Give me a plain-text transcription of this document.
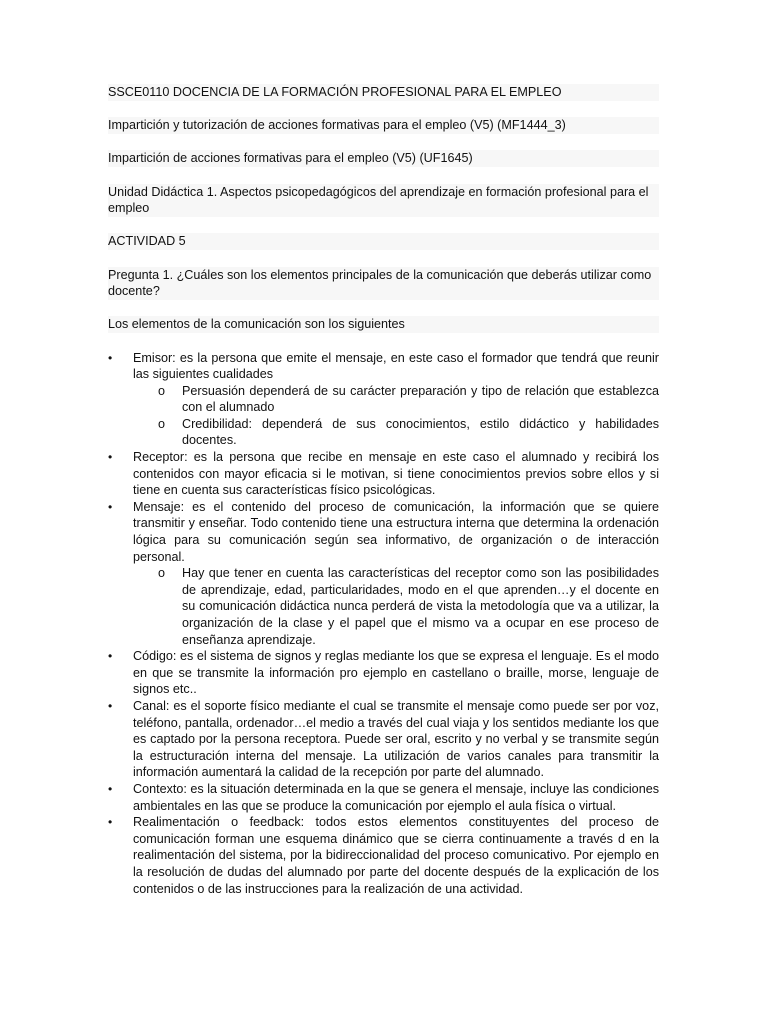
SSCE0110 DOCENCIA DE LA FORMACIÓN PROFESIONAL PARA EL EMPLEO

Impartición y tutorización de acciones formativas para el empleo (V5) (MF1444_3)

Impartición de acciones formativas para el empleo (V5) (UF1645)

Unidad Didáctica 1. Aspectos psicopedagógicos del aprendizaje en formación profesional para el empleo

ACTIVIDAD 5

Pregunta 1. ¿Cuáles son los elementos principales de la comunicación que deberás utilizar como docente?

Los elementos de la comunicación son los siguientes

• Emisor: es la persona que emite el mensaje, en este caso el formador que tendrá que reunir las siguientes cualidades
o Persuasión dependerá de su carácter preparación y tipo de relación que establezca con el alumnado
o Credibilidad: dependerá de sus conocimientos, estilo didáctico y habilidades docentes.
• Receptor: es la persona que recibe en mensaje en este caso el alumnado y recibirá los contenidos con mayor eficacia si le motivan, si tiene conocimientos previos sobre ellos y si tiene en cuenta sus características físico psicológicas.
• Mensaje: es el contenido del proceso de comunicación, la información que se quiere transmitir y enseñar. Todo contenido tiene una estructura interna que determina la ordenación lógica para su comunicación según sea informativo, de organización o de interacción personal.
o Hay que tener en cuenta las características del receptor como son las posibilidades de aprendizaje, edad, particularidades, modo en el que aprenden…y el docente en su comunicación didáctica nunca perderá de vista la metodología que va a utilizar, la organización de la clase y el papel que el mismo va a ocupar en ese proceso de enseñanza aprendizaje.
• Código: es el sistema de signos y reglas mediante los que se expresa el lenguaje. Es el modo en que se transmite la información pro ejemplo en castellano o braille, morse, lenguaje de signos etc..
• Canal: es el soporte físico mediante el cual se transmite el mensaje como puede ser por voz, teléfono, pantalla, ordenador…el medio a través del cual viaja y los sentidos mediante los que es captado por la persona receptora. Puede ser oral, escrito y no verbal y se transmite según la estructuración interna del mensaje. La utilización de varios canales para transmitir la información aumentará la calidad de la recepción por parte del alumnado.
• Contexto: es la situación determinada en la que se genera el mensaje, incluye las condiciones ambientales en las que se produce la comunicación por ejemplo el aula física o virtual.
• Realimentación o feedback: todos estos elementos constituyentes del proceso de comunicación forman une esquema dinámico que se cierra continuamente a través d en la realimentación del sistema, por la bidireccionalidad del proceso comunicativo. Por ejemplo en la resolución de dudas del alumnado por parte del docente después de la explicación de los contenidos o de las instrucciones para la realización de una actividad.
